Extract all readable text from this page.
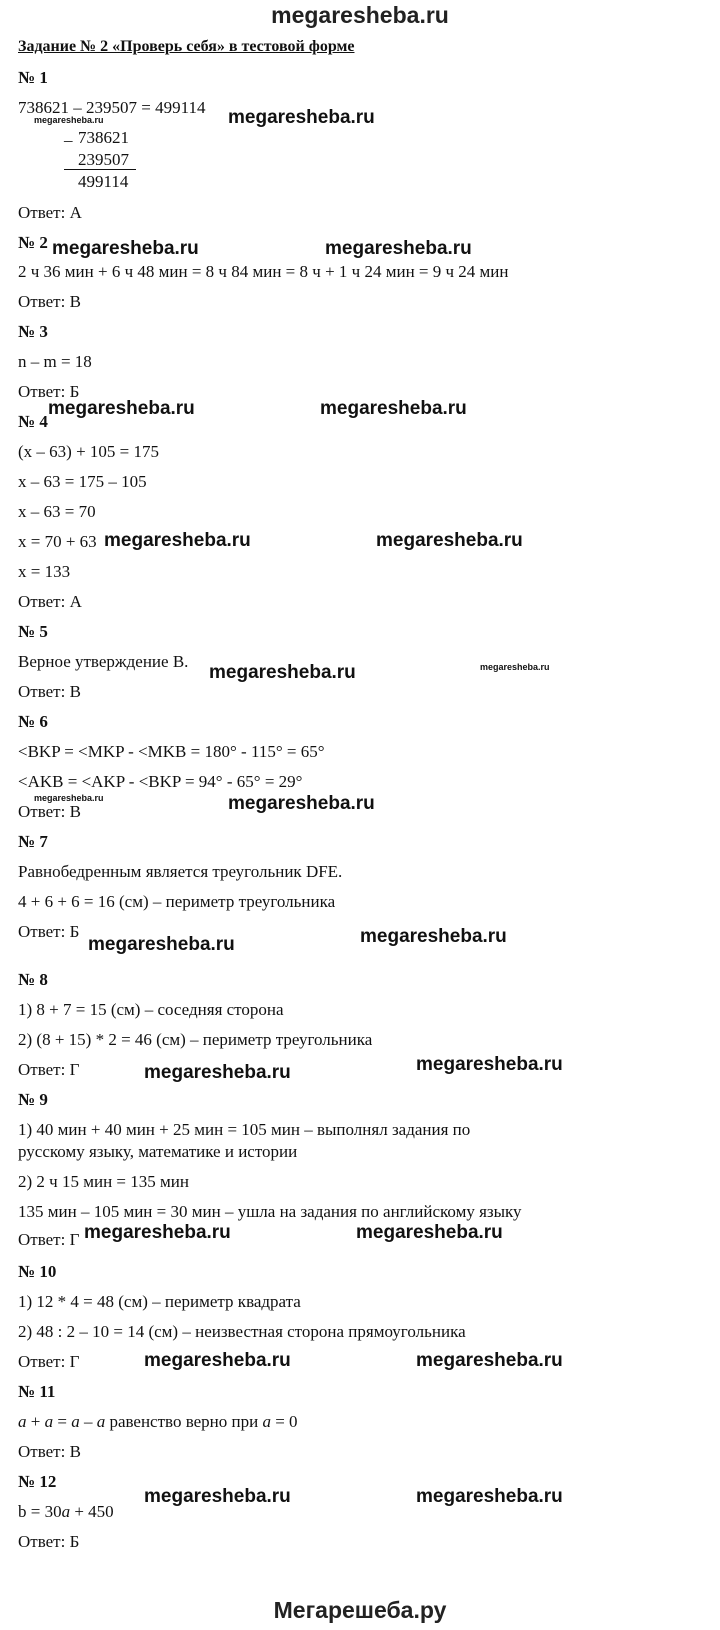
megaresheba.ru
Задание № 2 «Проверь себя» в тестовой форме
№ 1
738621 – 239507 = 499114
megaresheba.ru	megaresheba.ru
_ 738621
239507
499114
Ответ: А
№ 2 megaresheba.ru	megaresheba.ru
2 ч 36 мин + 6 ч 48 мин = 8 ч 84 мин = 8 ч + 1 ч 24 мин = 9 ч 24 мин
Ответ: В
№ 3
n – m = 18
Ответ: Б
megaresheba.ru	megaresheba.ru
№ 4
(x – 63) + 105 = 175
x – 63 = 175 – 105
x – 63 = 70
x = 70 + 63 megaresheba.ru	megaresheba.ru
x = 133
Ответ: А
№ 5
Верное утверждение В.
megaresheba.ru	megaresheba.ru
Ответ: В
№ 6
<BKP = <MKP - <MKB = 180° - 115° = 65°
<AKB = <AKP - <BKP = 94° - 65° = 29°
megaresheba.ru	megaresheba.ru
Ответ: В
№ 7
Равнобедренным является треугольник DFE.
4 + 6 + 6 = 16 (см) – периметр треугольника
Ответ: Б
megaresheba.ru	megaresheba.ru
№ 8
1) 8 + 7 = 15 (см) – соседняя сторона
2) (8 + 15) * 2 = 46 (см) – периметр треугольника
megaresheba.ru
Ответ: Г	megaresheba.ru
№ 9
1) 40 мин + 40 мин + 25 мин = 105 мин – выполнял задания по
русскому языку, математике и истории
2) 2 ч 15 мин = 135 мин
135 мин – 105 мин = 30 мин – ушла на задания по английскому языку
Ответ: Г megaresheba.ru	megaresheba.ru
№ 10
1) 12 * 4 = 48 (см) – периметр квадрата
2) 48 : 2 – 10 = 14 (см) – неизвестная сторона прямоугольника
Ответ: Г	megaresheba.ru	megaresheba.ru
№ 11
a + a = a – a равенство верно при a = 0
Ответ: В
№ 12
megaresheba.ru	megaresheba.ru
b = 30a + 450
Ответ: Б
Мегарешеба.ру
